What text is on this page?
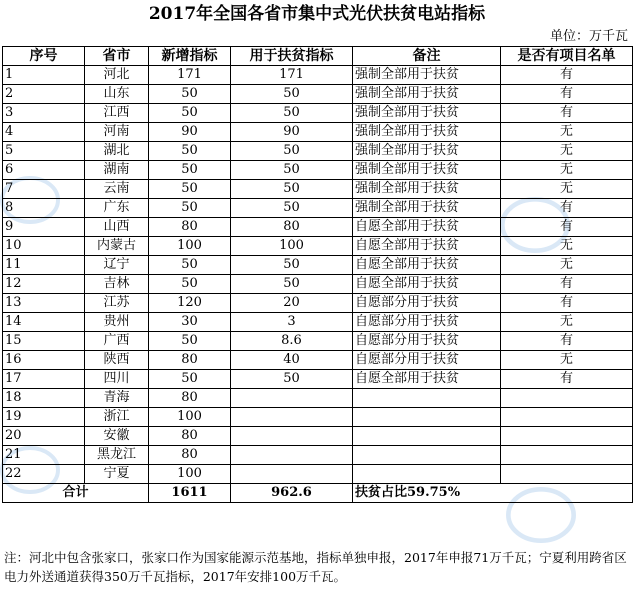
2017年全国各省市集中式光伏扶贫电站指标
单位：万千瓦
序号	省市	新增指标	用于扶贫指标	备注	是否有项目名单
1	河北	171	171	强制全部用于扶贫	有
2	山东	50	50	强制全部用于扶贫	有
3	江西	50	50	强制全部用于扶贫	有
4	河南	90	90	强制全部用于扶贫	无
5	湖北	50	50	强制全部用于扶贫	无
6	湖南	50	50	强制全部用于扶贫	无
7	云南	50	50	强制全部用于扶贫	无
8	广东	50	50	强制全部用于扶贫	有
9	山西	80	80	自愿全部用于扶贫	有
10	内蒙古	100	100	自愿全部用于扶贫	无
11	辽宁	50	50	自愿全部用于扶贫	无
12	吉林	50	50	自愿全部用于扶贫	有
13	江苏	120	20	自愿部分用于扶贫	有
14	贵州	30	3	自愿部分用于扶贫	无
15	广西	50	8.6	自愿部分用于扶贫	有
16	陕西	80	40	自愿部分用于扶贫	无
17	四川	50	50	自愿全部用于扶贫	有
18	青海	80			
19	浙江	100			
20	安徽	80			
21	黑龙江	80			
22	宁夏	100			
合计		1611	962.6	扶贫占比59.75%	
注：河北中包含张家口，张家口作为国家能源示范基地，指标单独申报，2017年申报71万千瓦；宁夏利用跨省区电力外送通道获得350万千瓦指标，2017年安排100万千瓦。
